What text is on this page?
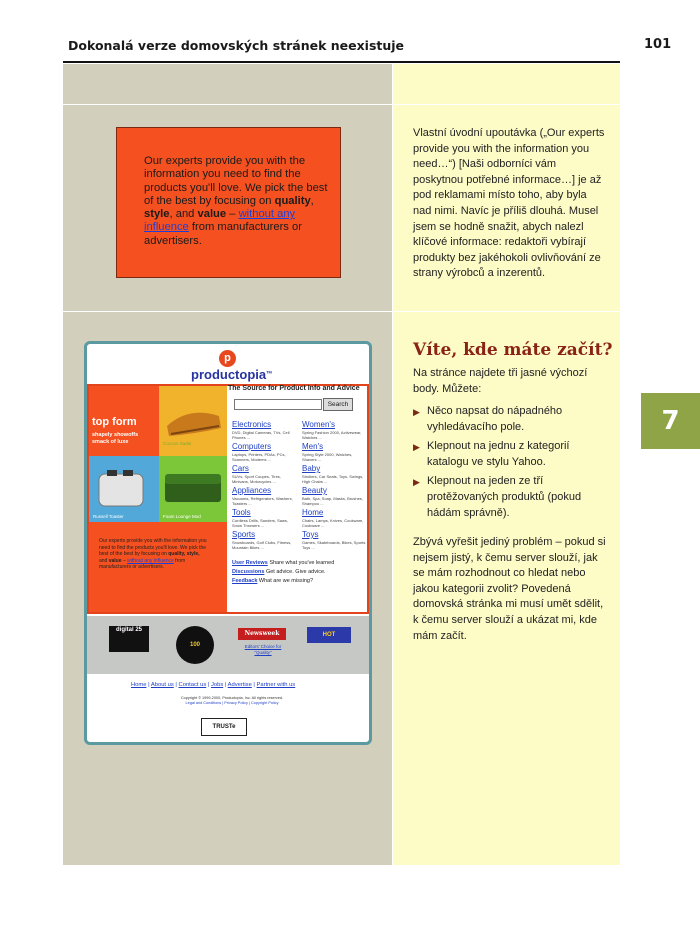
Dokonalá verze domovských stránek neexistuje	101
7
Our experts provide you with the information you need to find the products you'll love. We pick the best of the best by focusing on quality, style, and value – without any influence from manufacturers or advertisers.
Vlastní úvodní upoutávka („Our experts provide you with the information you need…“) [Naši odborníci vám poskytnou potřebné informace…] je až pod reklamami místo toho, aby byla nad nimi. Navíc je příliš dlouhá. Musel jsem se hodně snažit, abych nalezl klíčové informace: redaktoři vybírají produkty bez jakéhokoli ovlivňování ze strany výrobců a inzerentů.
Víte, kde máte začít?
Na stránce najdete tři jasné výchozí body. Můžete:
▶ Něco napsat do nápadného vyhledávacího pole.
▶ Klepnout na jednu z kategorií katalogu ve stylu Yahoo.
▶ Klepnout na jeden ze tří protěžovaných produktů (pokud hádám správně).
Zbývá vyřešit jediný problém – pokud si nejsem jistý, k čemu server slouží, jak se mám rozhodnout co hledat nebo jakou kategorii zvolit? Povedená domovská stránka mi musí umět sdělit, k čemu server slouží a ukázat mi, kde mám začít.
p
productopia™
The Source for Product Info and Advice
Search
top form
shapely showoffs smack of luxe	Cocoon Sadie
Russell Toaster	Foam Lounge Mod
Our experts provide you with the information you need to find the products you'll love. We pick the best of the best by focusing on quality, style, and value – without any influence from manufacturers or advertisers.
Electronics
DVD, Digital Cameras, TVs, Cell Phones ...
Women's
Spring Fashion 2000, Activewear, Watches ...
Computers
Laptops, Printers, PDAs, PCs, Scanners, Modems ...
Men's
Spring Style 2000, Watches, Shavers ...
Cars
SUVs, Sport Coupes, Tires, Minivans, Motorcycles ...
Baby
Strollers, Car Seats, Toys, Swings, High Chairs ...
Appliances
Vacuums, Refrigerators, Washers, Toasters ...
Beauty
Bath, Spa, Soap, Masks, Brushes, Shampoo ...
Tools
Cordless Drills, Sanders, Saws, Snow Throwers ...
Home
Chairs, Lamps, Knives, Cookware, Cookware ...
Sports
Snowboards, Golf Clubs, Fitness, Mountain Bikes ...
Toys
Games, Skateboards, Bikes, Sports Toys ...
User Reviews Share what you've learned
Discussions Get advice. Give advice.
Feedback What are we missing?
digital 25
100
Newsweek	HOT
Editors' Choice for "Quality"
Home | About us | Contact us | Jobs | Advertise | Partner with us
Copyright © 1999-2000, Productopia, Inc. All rights reserved.
Legal and Conditions | Privacy Policy | Copyright Policy
TRUSTe
